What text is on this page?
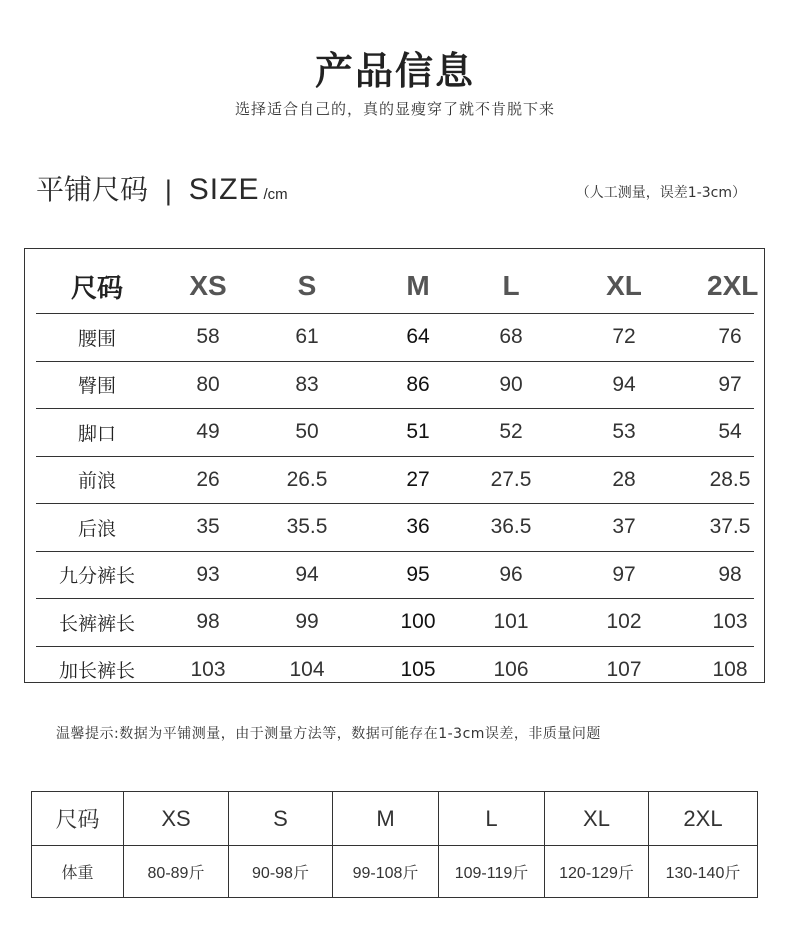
产品信息
选择适合自己的，真的显瘦穿了就不肯脱下来
平铺尺码 | SIZE /cm	（人工测量，误差1-3cm）
尺码	XS	S	M	L	XL	2XL
腰围	58	61	64	68	72	76
臀围	80	83	86	90	94	97
脚口	49	50	51	52	53	54
前浪	26	26.5	27	27.5	28	28.5
后浪	35	35.5	36	36.5	37	37.5
九分裤长	93	94	95	96	97	98
长裤裤长	98	99	100	101	102	103
加长裤长	103	104	105	106	107	108
温馨提示:数据为平铺测量，由于测量方法等，数据可能存在1-3cm误差，非质量问题
尺码	XS	S	M	L	XL	2XL
体重	80-89斤	90-98斤	99-108斤	109-119斤	120-129斤	130-140斤
